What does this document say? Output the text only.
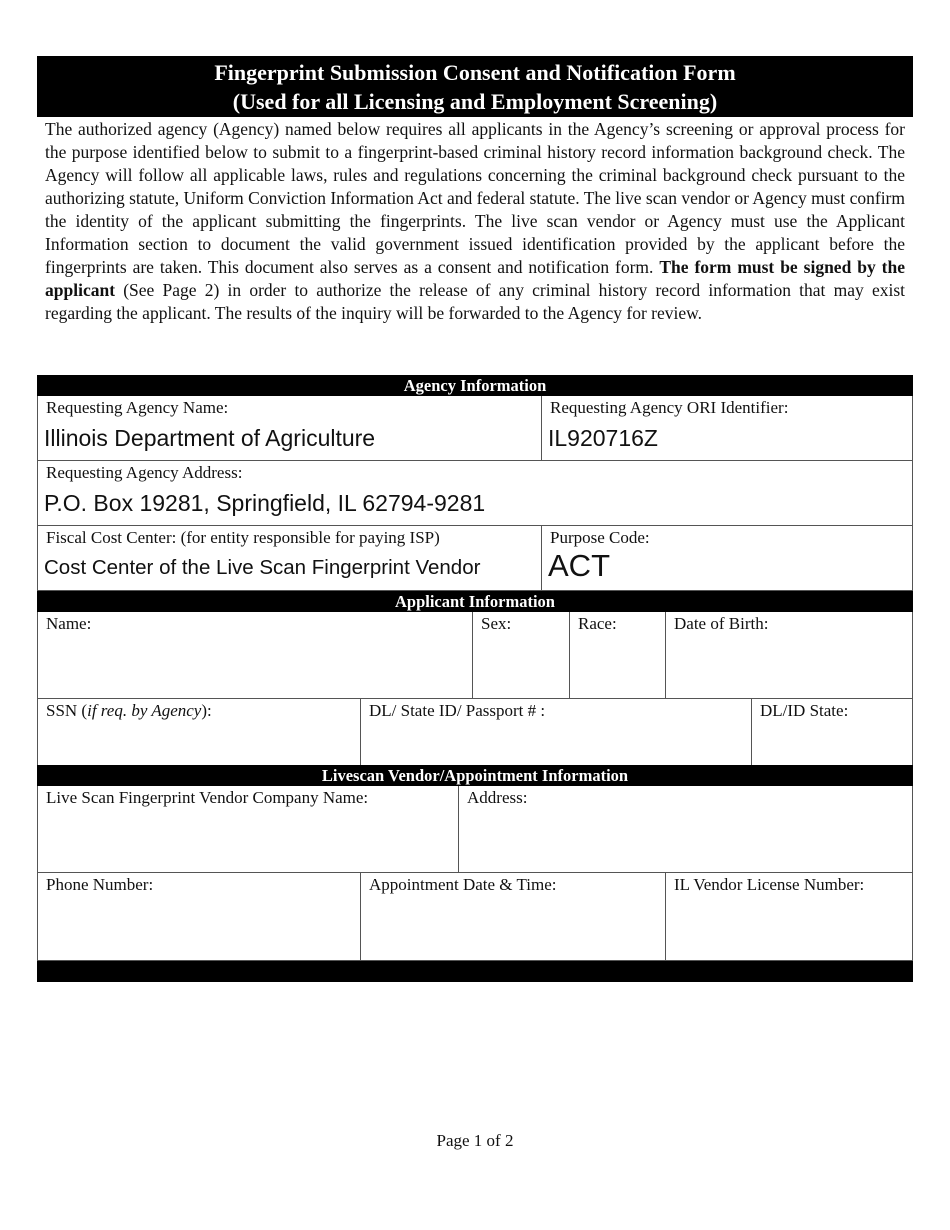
Fingerprint Submission Consent and Notification Form
(Used for all Licensing and Employment Screening)
The authorized agency (Agency) named below requires all applicants in the Agency’s screening or approval process for the purpose identified below to submit to a fingerprint-based criminal history record information background check. The Agency will follow all applicable laws, rules and regulations concerning the criminal background check pursuant to the authorizing statute, Uniform Conviction Information Act and federal statute. The live scan vendor or Agency must confirm the identity of the applicant submitting the fingerprints. The live scan vendor or Agency must use the Applicant Information section to document the valid government issued identification provided by the applicant before the fingerprints are taken. This document also serves as a consent and notification form. The form must be signed by the applicant (See Page 2) in order to authorize the release of any criminal history record information that may exist regarding the applicant. The results of the inquiry will be forwarded to the Agency for review.
Agency Information
Requesting Agency Name:
Illinois Department of Agriculture
Requesting Agency ORI Identifier:
IL920716Z
Requesting Agency Address:
P.O. Box 19281, Springfield, IL 62794-9281
Fiscal Cost Center: (for entity responsible for paying ISP)
Cost Center of the Live Scan Fingerprint Vendor
Purpose Code:
ACT
Applicant Information
Name:	Sex:	Race:	Date of Birth:
SSN (if req. by Agency):	DL/ State ID/ Passport # :	DL/ID State:
Livescan Vendor/Appointment Information
Live Scan Fingerprint Vendor Company Name:	Address:
Phone Number:	Appointment Date & Time:	IL Vendor License Number:
Page 1 of 2
